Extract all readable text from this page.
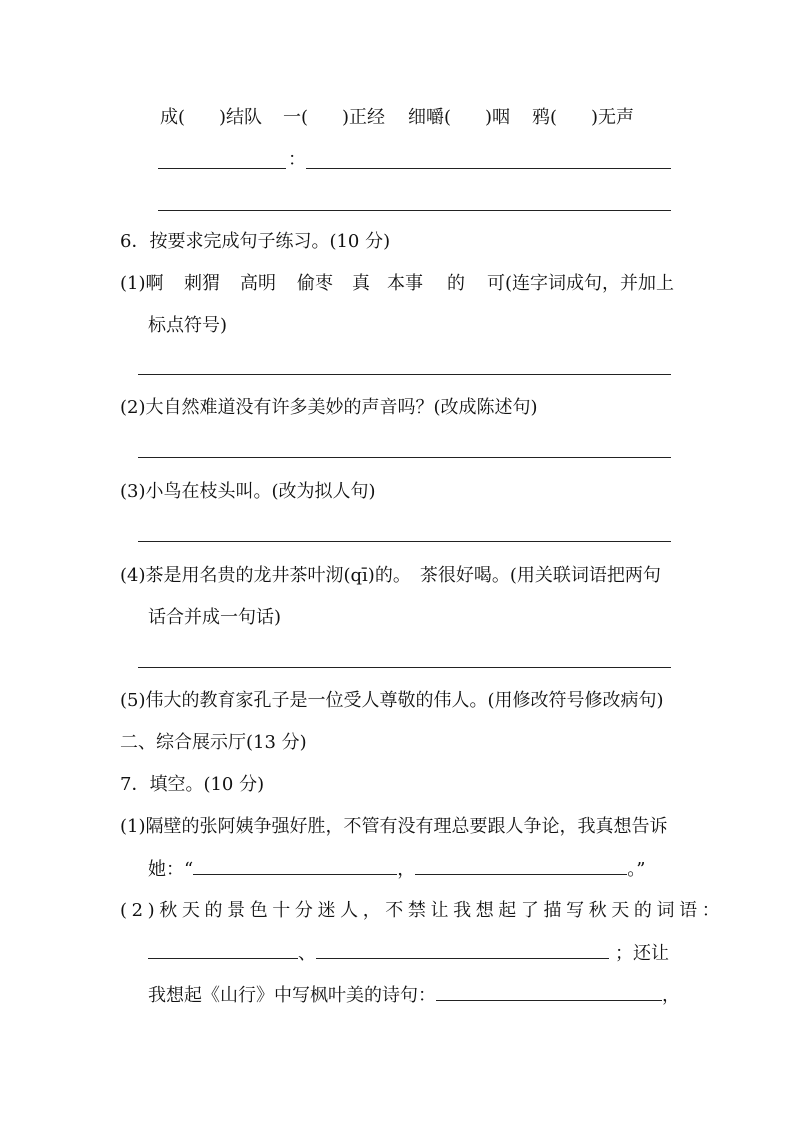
成( )结队 一( )正经 细嚼( )咽 鸦( )无声
：
6．按要求完成句子练习。(10 分)
(1)啊 刺猬 高明 偷枣 真 本事 的 可(连字词成句，并加上
标点符号)
(2)大自然难道没有许多美妙的声音吗？(改成陈述句)
(3)小鸟在枝头叫。(改为拟人句)
(4)茶是用名贵的龙井茶叶沏(qī)的。　茶很好喝。(用关联词语把两句
话合并成一句话)
(5)伟大的教育家孔子是一位受人尊敬的伟人。(用修改符号修改病句)
二、综合展示厅(13 分)
7．填空。(10 分)
(1)隔壁的张阿姨争强好胜，不管有没有理总要跟人争论，我真想告诉
她：“	，	。”
(2)秋天的景色十分迷人，不禁让我想起了描写秋天的词语：
、	；还让
我想起《山行》中写枫叶美的诗句：	，
